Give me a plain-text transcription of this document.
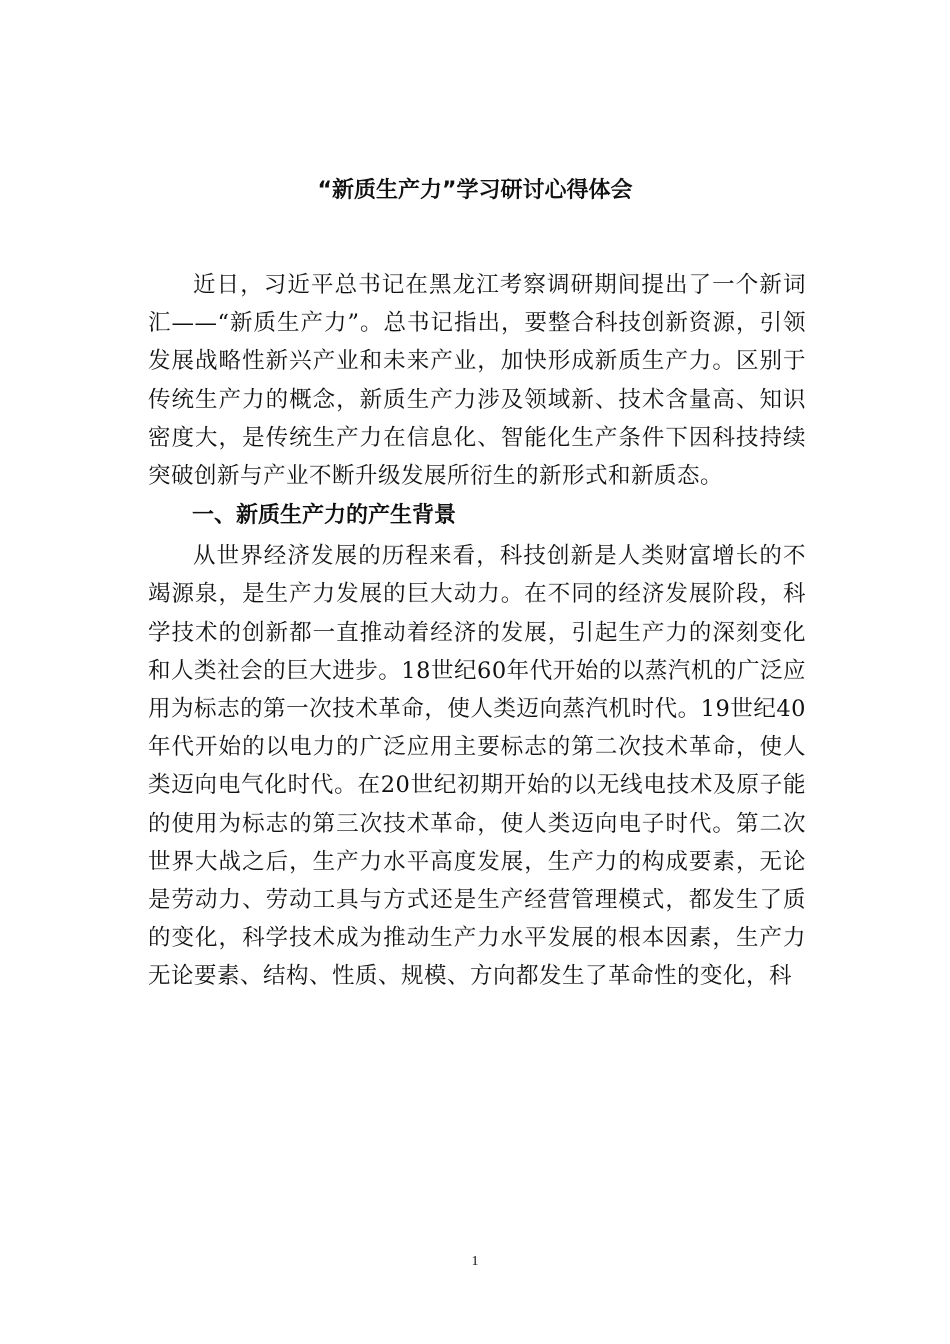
“新质生产力”学习研讨心得体会

近日，习近平总书记在黑龙江考察调研期间提出了一个新词汇——“新质生产力”。总书记指出，要整合科技创新资源，引领发展战略性新兴产业和未来产业，加快形成新质生产力。区别于传统生产力的概念，新质生产力涉及领域新、技术含量高、知识密度大，是传统生产力在信息化、智能化生产条件下因科技持续突破创新与产业不断升级发展所衍生的新形式和新质态。

一、新质生产力的产生背景

从世界经济发展的历程来看，科技创新是人类财富增长的不竭源泉，是生产力发展的巨大动力。在不同的经济发展阶段，科学技术的创新都一直推动着经济的发展，引起生产力的深刻变化和人类社会的巨大进步。18世纪60年代开始的以蒸汽机的广泛应用为标志的第一次技术革命，使人类迈向蒸汽机时代。19世纪40年代开始的以电力的广泛应用主要标志的第二次技术革命，使人类迈向电气化时代。在20世纪初期开始的以无线电技术及原子能的使用为标志的第三次技术革命，使人类迈向电子时代。第二次世界大战之后，生产力水平高度发展，生产力的构成要素，无论是劳动力、劳动工具与方式还是生产经营管理模式，都发生了质的变化，科学技术成为推动生产力水平发展的根本因素，生产力无论要素、结构、性质、规模、方向都发生了革命性的变化，科

1
